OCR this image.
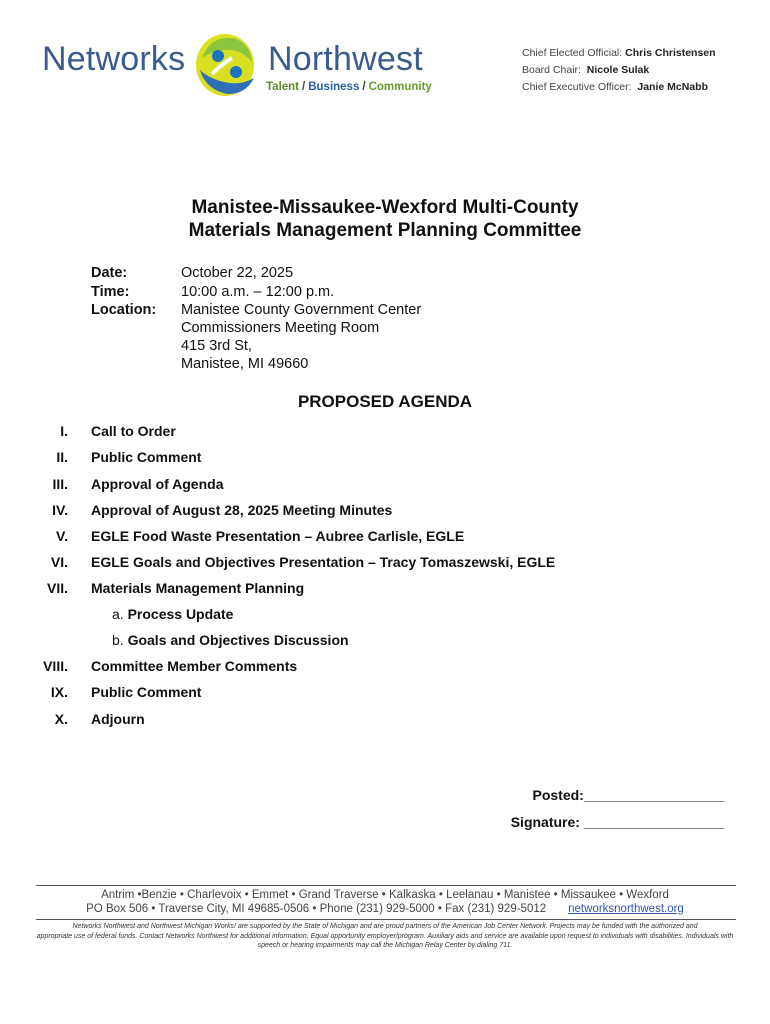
Networks Northwest
Talent / Business / Community
Chief Elected Official: Chris Christensen
Board Chair: Nicole Sulak
Chief Executive Officer: Janie McNabb
Manistee-Missaukee-Wexford Multi-County
Materials Management Planning Committee
Date:
Time:
Location:
October 22, 2025
10:00 a.m. – 12:00 p.m.
Manistee County Government Center
Commissioners Meeting Room
415 3rd St,
Manistee, MI 49660
PROPOSED AGENDA
I. Call to Order
II. Public Comment
III. Approval of Agenda
IV. Approval of August 28, 2025 Meeting Minutes
V. EGLE Food Waste Presentation – Aubree Carlisle, EGLE
VI. EGLE Goals and Objectives Presentation – Tracy Tomaszewski, EGLE
VII. Materials Management Planning
a. Process Update
b. Goals and Objectives Discussion
VIII. Committee Member Comments
IX. Public Comment
X. Adjourn
Posted:__________________
Signature: __________________
Antrim •Benzie • Charlevoix • Emmet • Grand Traverse • Kalkaska • Leelanau • Manistee • Missaukee • Wexford
PO Box 506 • Traverse City, MI 49685-0506 • Phone (231) 929-5000 • Fax (231) 929-5012 networksnorthwest.org
Networks Northwest and Northwest Michigan Works! are supported by the State of Michigan and are proud partners of the American Job Center Network. Projects may be funded with the authorized and
appropriate use of federal funds. Contact Networks Northwest for additional information. Equal opportunity employer/program. Auxiliary aids and service are available upon request to individuals with disabilities. Individuals with
speech or hearing impairments may call the Michigan Relay Center by dialing 711.
